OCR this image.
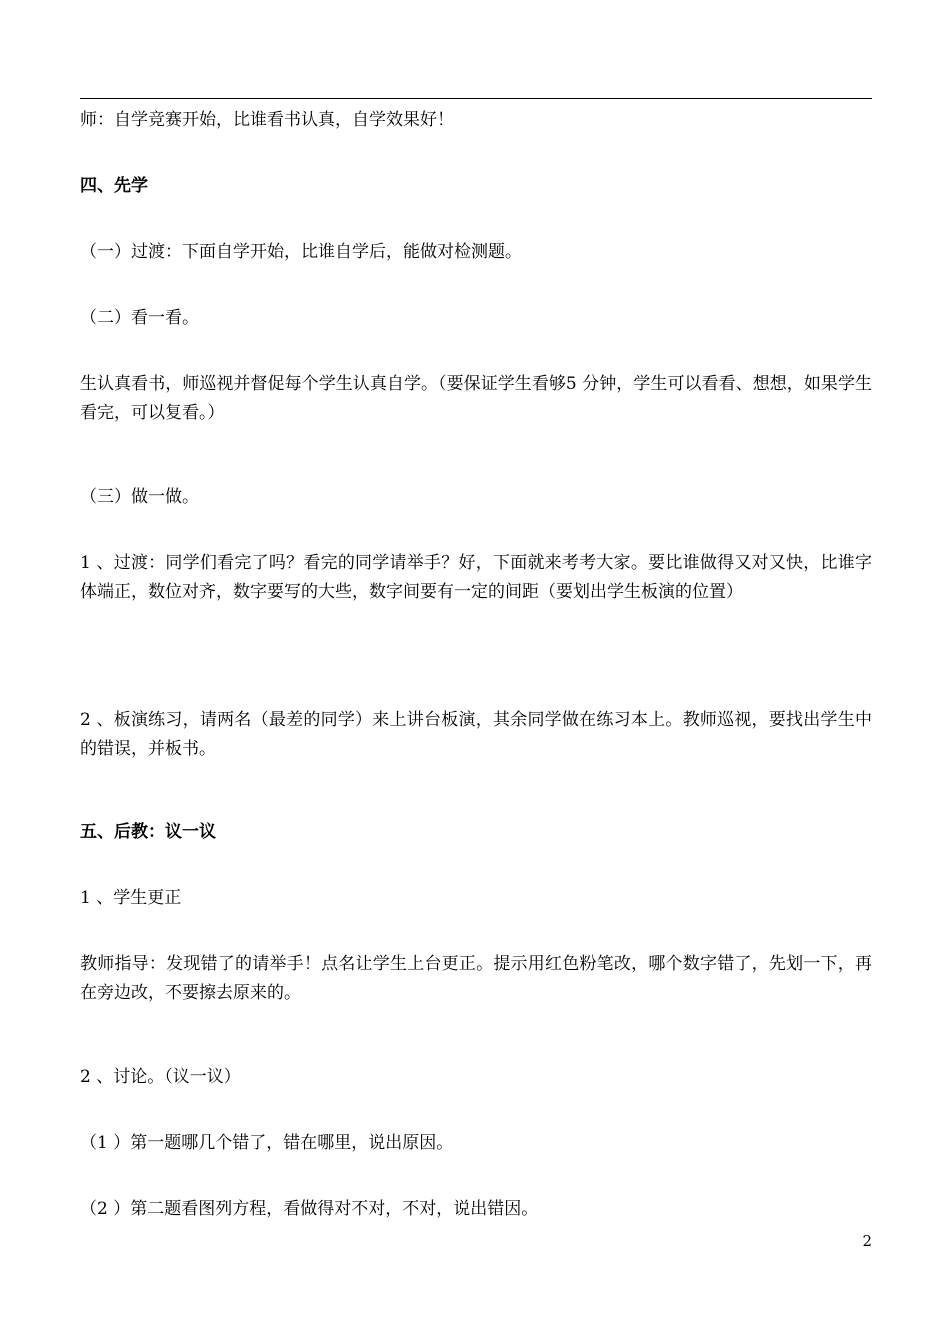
师：自学竞赛开始，比谁看书认真，自学效果好！

四、先学

（一）过渡：下面自学开始，比谁自学后，能做对检测题。

（二）看一看。

生认真看书，师巡视并督促每个学生认真自学。（要保证学生看够5 分钟，学生可以看看、想想，如果学生看完，可以复看。）

（三）做一做。

1 、过渡：同学们看完了吗？看完的同学请举手？好，下面就来考考大家。要比谁做得又对又快，比谁字体端正，数位对齐，数字要写的大些，数字间要有一定的间距（要划出学生板演的位置）

2 、板演练习，请两名（最差的同学）来上讲台板演，其余同学做在练习本上。教师巡视，要找出学生中的错误，并板书。

五、后教：议一议

1 、学生更正

教师指导：发现错了的请举手！点名让学生上台更正。提示用红色粉笔改，哪个数字错了，先划一下，再在旁边改，不要擦去原来的。

2 、讨论。（议一议）

（1 ）第一题哪几个错了，错在哪里，说出原因。

（2 ）第二题看图列方程，看做得对不对，不对，说出错因。

2
